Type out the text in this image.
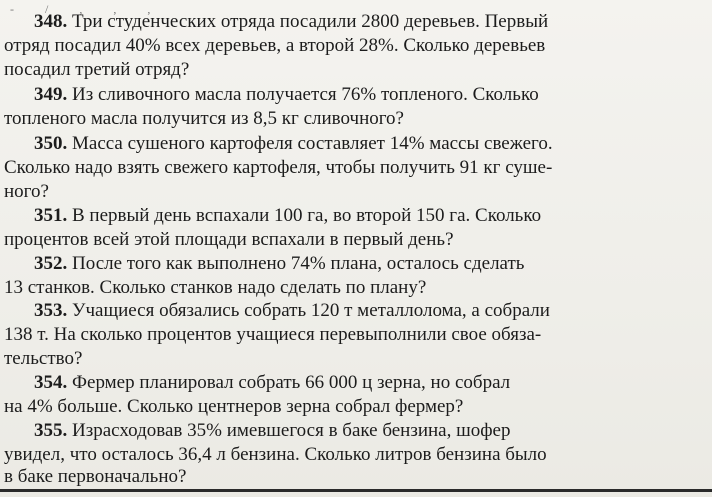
- / , , ,
348. Три студенческих отряда посадили 2800 деревьев. Первый
отряд посадил 40% всех деревьев, а второй 28%. Сколько деревьев
посадил третий отряд?
349. Из сливочного масла получается 76% топленого. Сколько
топленого масла получится из 8,5 кг сливочного?
350. Масса сушеного картофеля составляет 14% массы свежего.
Сколько надо взять свежего картофеля, чтобы получить 91 кг суше-
ного?
351. В первый день вспахали 100 га, во второй 150 га. Сколько
процентов всей этой площади вспахали в первый день?
352. После того как выполнено 74% плана, осталось сделать
13 станков. Сколько станков надо сделать по плану?
353. Учащиеся обязались собрать 120 т металлолома, а собрали
138 т. На сколько процентов учащиеся перевыполнили свое обяза-
тельство?
354. Фермер планировал собрать 66 000 ц зерна, но собрал
на 4% больше. Сколько центнеров зерна собрал фермер?
355. Израсходовав 35% имевшегося в баке бензина, шофер
увидел, что осталось 36,4 л бензина. Сколько литров бензина было
в баке первоначально?
